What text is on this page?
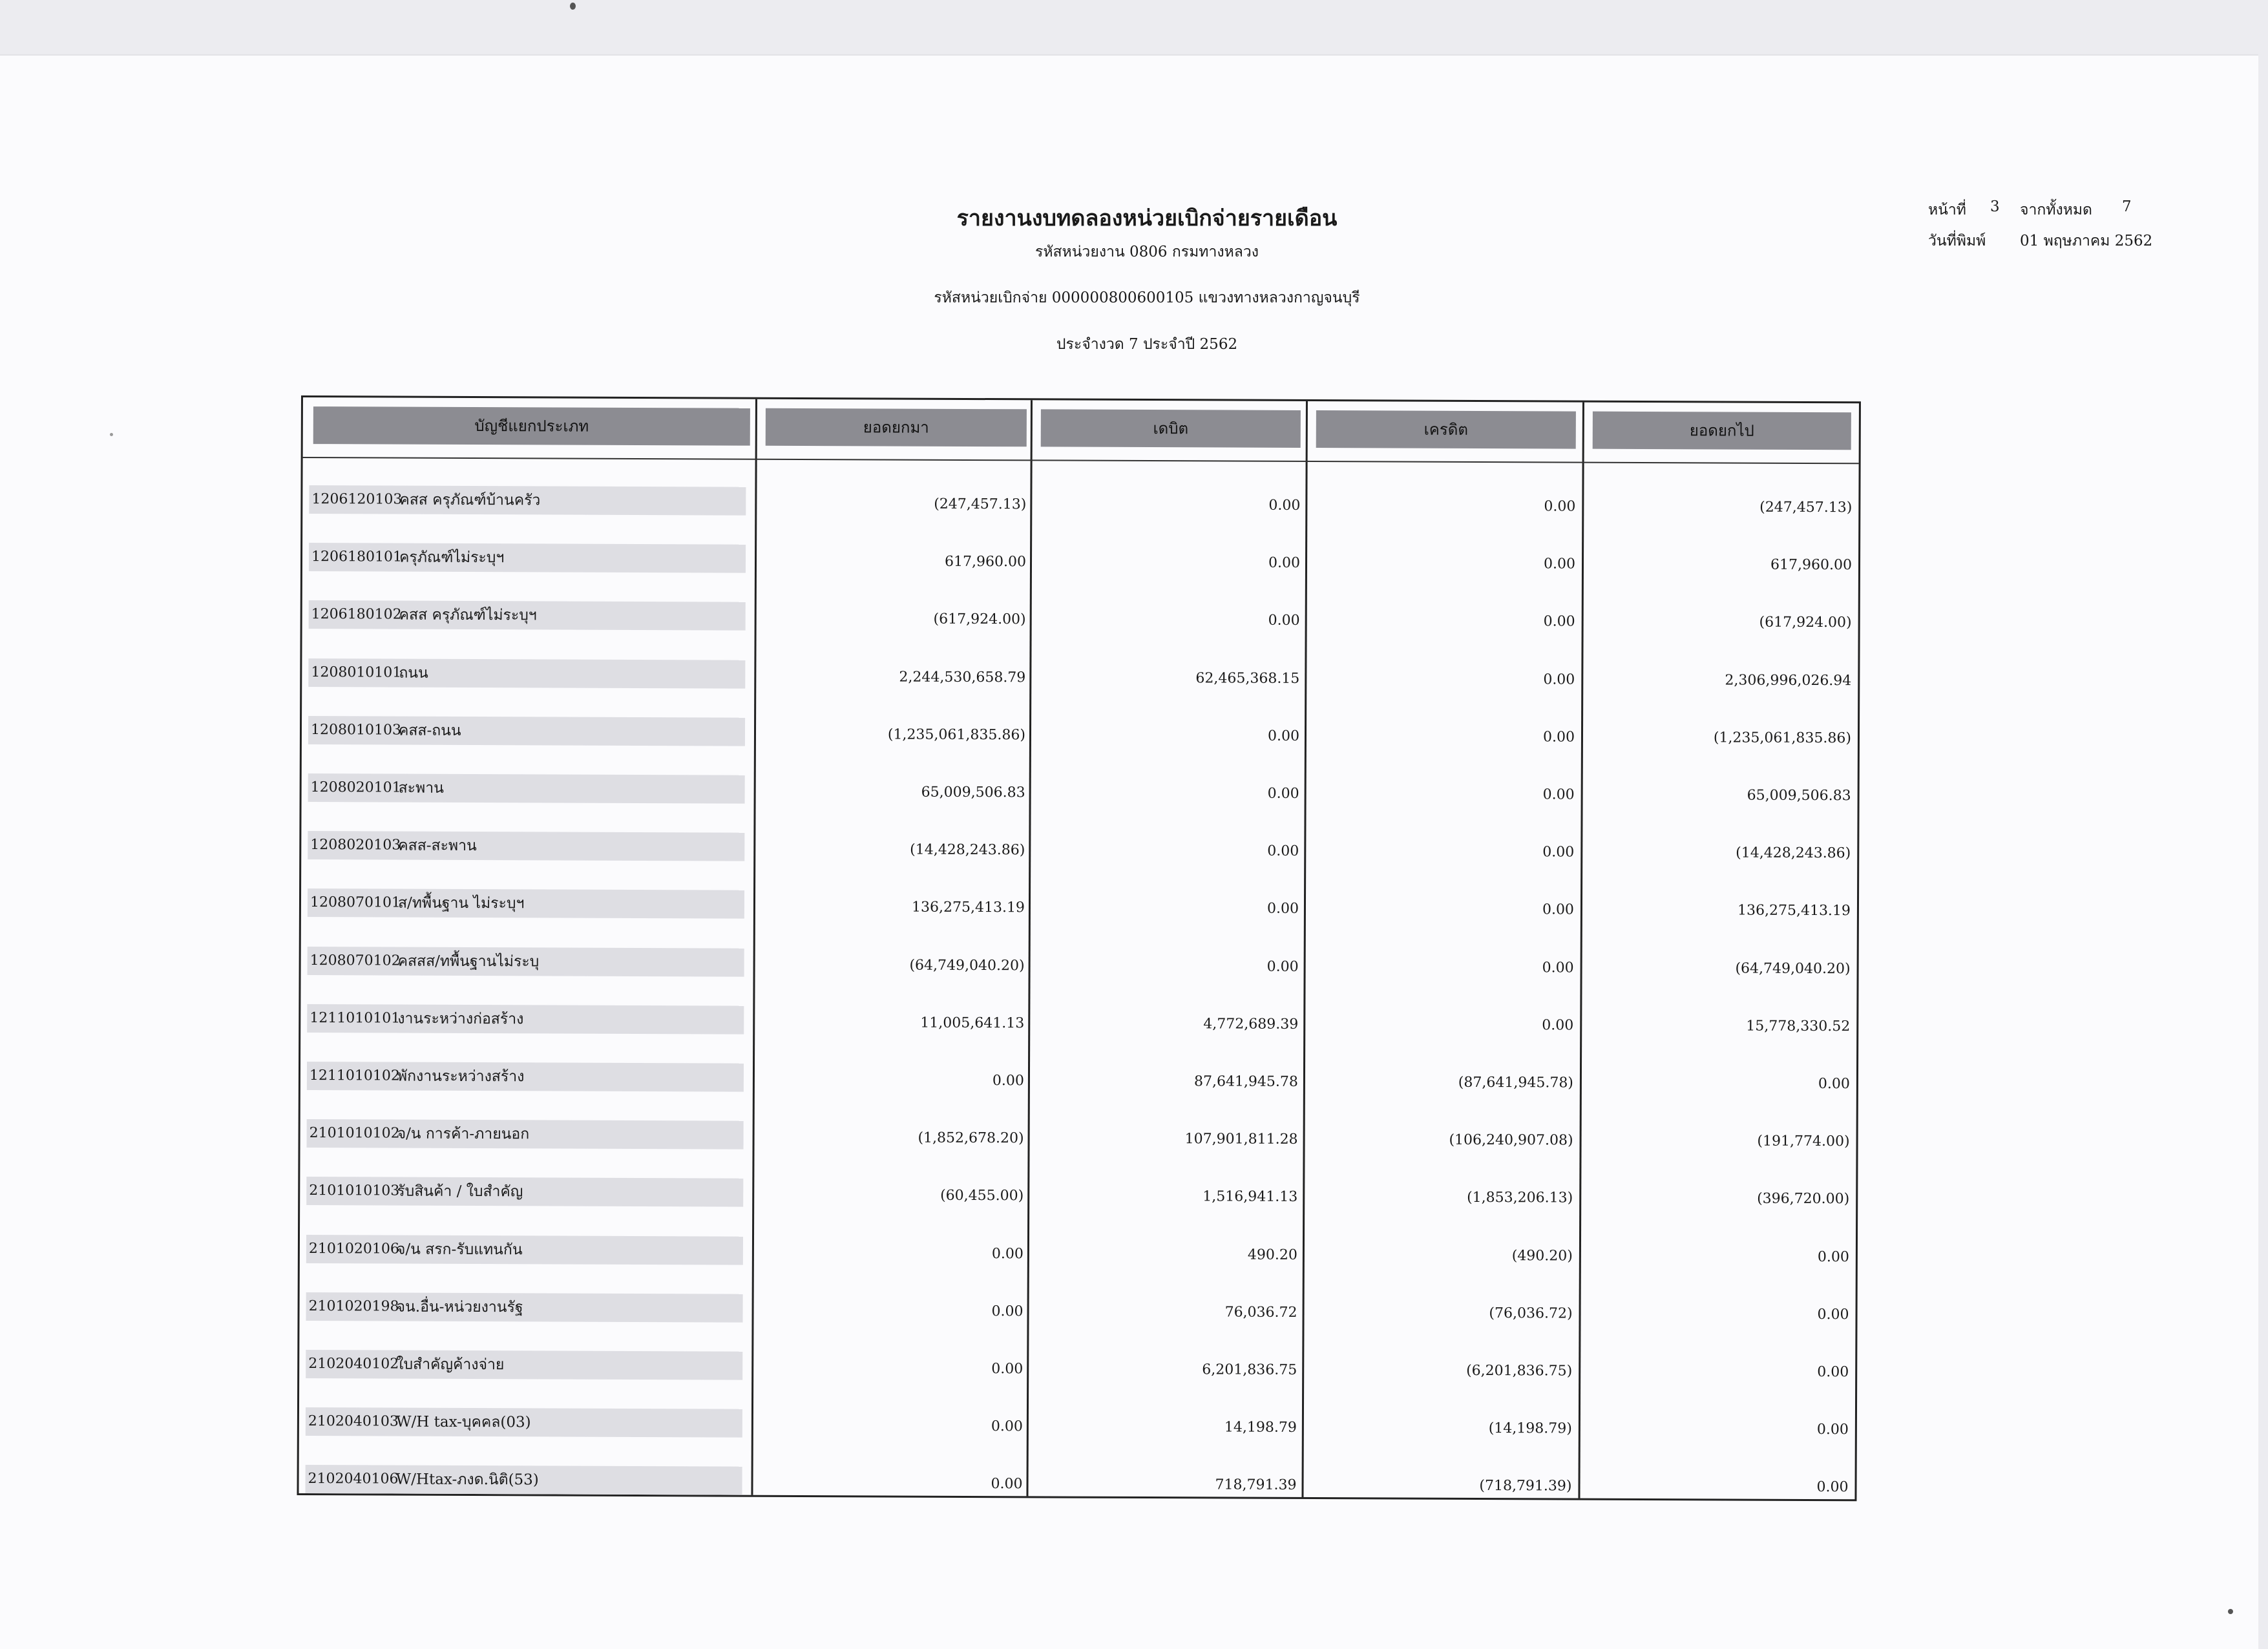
รายงานงบทดลองหน่วยเบิกจ่ายรายเดือน
รหัสหน่วยงาน 0806 กรมทางหลวง
รหัสหน่วยเบิกจ่าย 000000800600105 แขวงทางหลวงกาญจนบุรี
ประจำงวด 7 ประจำปี 2562
หน้าที่ 3 จากทั้งหมด 7
วันที่พิมพ์ 01 พฤษภาคม 2562
บัญชีแยกประเภท	ยอดยกมา	เดบิต	เครดิต	ยอดยกไป
1206120103
คสส ครุภัณฑ์บ้านครัว	(247,457.13)	0.00	0.00	(247,457.13)
1206180101
ครุภัณฑ์ไม่ระบุฯ	617,960.00	0.00	0.00	617,960.00
1206180102
คสส ครุภัณฑ์ไม่ระบุฯ	(617,924.00)	0.00	0.00	(617,924.00)
1208010101
ถนน	2,244,530,658.79	62,465,368.15	0.00	2,306,996,026.94
1208010103
คสส-ถนน	(1,235,061,835.86)	0.00	0.00	(1,235,061,835.86)
1208020101
สะพาน	65,009,506.83	0.00	0.00	65,009,506.83
1208020103
คสส-สะพาน	(14,428,243.86)	0.00	0.00	(14,428,243.86)
1208070101
ส/ทพื้นฐาน ไม่ระบุฯ	136,275,413.19	0.00	0.00	136,275,413.19
1208070102
คสสส/ทพื้นฐานไม่ระบุ	(64,749,040.20)	0.00	0.00	(64,749,040.20)
1211010101
งานระหว่างก่อสร้าง	11,005,641.13	4,772,689.39	0.00	15,778,330.52
1211010102
พักงานระหว่างสร้าง	0.00	87,641,945.78	(87,641,945.78)	0.00
2101010102
จ/น การค้า-ภายนอก	(1,852,678.20)	107,901,811.28	(106,240,907.08)	(191,774.00)
2101010103
รับสินค้า / ใบสำคัญ	(60,455.00)	1,516,941.13	(1,853,206.13)	(396,720.00)
2101020106
จ/น สรก-รับแทนกัน	0.00	490.20	(490.20)	0.00
2101020198
จน.อื่น-หน่วยงานรัฐ	0.00	76,036.72	(76,036.72)	0.00
2102040102
ใบสำคัญค้างจ่าย	0.00	6,201,836.75	(6,201,836.75)	0.00
2102040103
W/H tax-บุคคล(03)	0.00	14,198.79	(14,198.79)	0.00
2102040106
W/Htax-ภงด.นิติ(53)	0.00	718,791.39	(718,791.39)	0.00
